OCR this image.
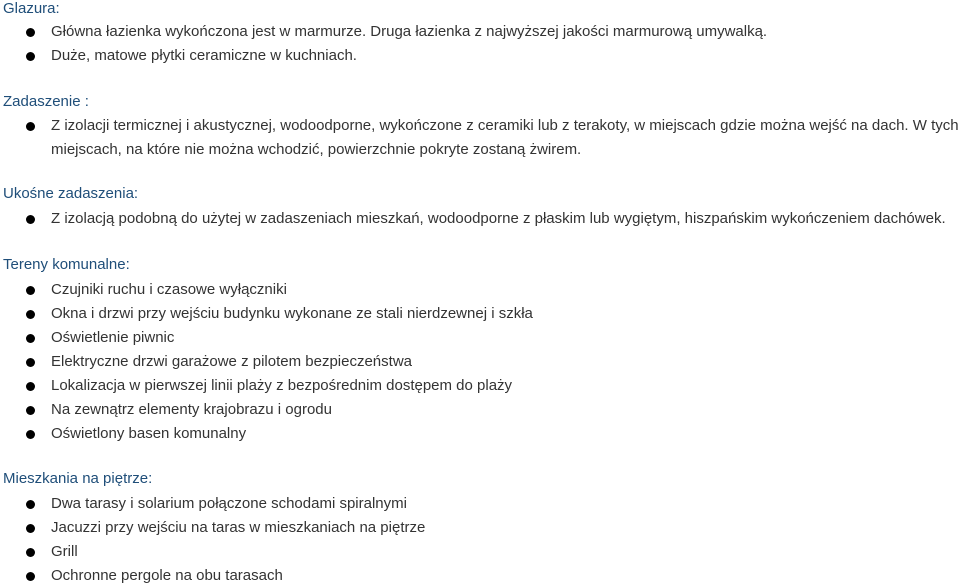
Glazura:
Główna łazienka wykończona jest w marmurze. Druga łazienka z najwyższej jakości marmurową umywalką.
Duże, matowe płytki ceramiczne w kuchniach.
Zadaszenie :
Z izolacji termicznej i akustycznej, wodoodporne, wykończone z ceramiki lub z terakoty, w miejscach gdzie można wejść na dach. W tych miejscach, na które nie można wchodzić, powierzchnie pokryte zostaną żwirem.
Ukośne zadaszenia:
Z izolacją podobną do użytej w zadaszeniach mieszkań, wodoodporne z płaskim lub wygiętym, hiszpańskim wykończeniem dachówek.
Tereny komunalne:
Czujniki ruchu i czasowe wyłączniki
Okna i drzwi przy wejściu budynku wykonane ze stali nierdzewnej i szkła
Oświetlenie piwnic
Elektryczne drzwi garażowe z pilotem bezpieczeństwa
Lokalizacja w pierwszej linii plaży z bezpośrednim dostępem do plaży
Na zewnątrz elementy krajobrazu i ogrodu
Oświetlony basen komunalny
Mieszkania na piętrze:
Dwa tarasy i solarium połączone schodami spiralnymi
Jacuzzi przy wejściu na taras w mieszkaniach na piętrze
Grill
Ochronne pergole na obu tarasach
